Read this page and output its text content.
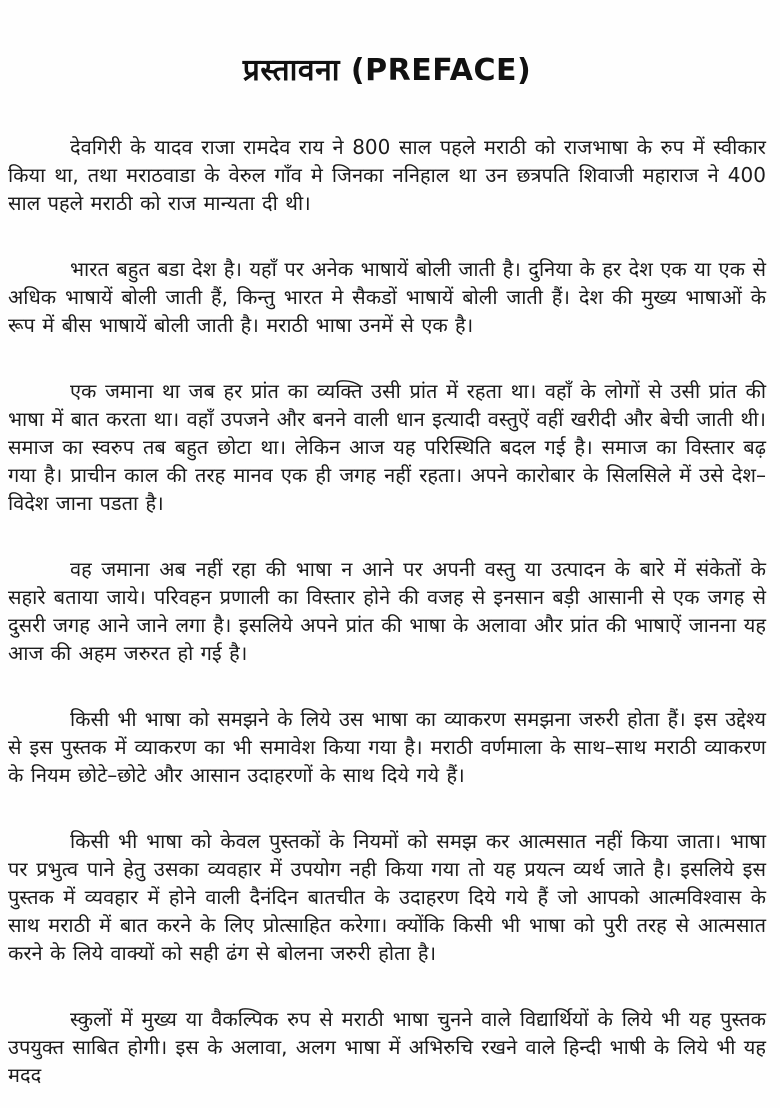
प्रस्तावना (PREFACE)

देवगिरी के यादव राजा रामदेव राय ने 800 साल पहले मराठी को राजभाषा के रुप में स्वीकार किया था, तथा मराठवाडा के वेरुल गाँव मे जिनका ननिहाल था उन छत्रपति शिवाजी महाराज ने 400 साल पहले मराठी को राज मान्यता दी थी।

भारत बहुत बडा देश है। यहाँ पर अनेक भाषायें बोली जाती है। दुनिया के हर देश एक या एक से अधिक भाषायें बोली जाती हैं, किन्तु भारत मे सैकडों भाषायें बोली जाती हैं। देश की मुख्य भाषाओं के रूप में बीस भाषायें बोली जाती है। मराठी भाषा उनमें से एक है।

एक जमाना था जब हर प्रांत का व्यक्ति उसी प्रांत में रहता था। वहाँ के लोगों से उसी प्रांत की भाषा में बात करता था। वहाँ उपजने और बनने वाली धान इत्यादी वस्तुऐं वहीं खरीदी और बेची जाती थी। समाज का स्वरुप तब बहुत छोटा था। लेकिन आज यह परिस्थिति बदल गई है। समाज का विस्तार बढ़ गया है। प्राचीन काल की तरह मानव एक ही जगह नहीं रहता। अपने कारोबार के सिलसिले में उसे देश–विदेश जाना पडता है।

वह जमाना अब नहीं रहा की भाषा न आने पर अपनी वस्तु या उत्पादन के बारे में संकेतों के सहारे बताया जाये। परिवहन प्रणाली का विस्तार होने की वजह से इनसान बड़ी आसानी से एक जगह से दुसरी जगह आने जाने लगा है। इसलिये अपने प्रांत की भाषा के अलावा और प्रांत की भाषाऐं जानना यह आज की अहम जरुरत हो गई है।

किसी भी भाषा को समझने के लिये उस भाषा का व्याकरण समझना जरुरी होता हैं। इस उद्देश्य से इस पुस्तक में व्याकरण का भी समावेश किया गया है। मराठी वर्णमाला के साथ–साथ मराठी व्याकरण के नियम छोटे–छोटे और आसान उदाहरणों के साथ दिये गये हैं।

किसी भी भाषा को केवल पुस्तकों के नियमों को समझ कर आत्मसात नहीं किया जाता। भाषा पर प्रभुत्व पाने हेतु उसका व्यवहार में उपयोग नही किया गया तो यह प्रयत्न व्यर्थ जाते है। इसलिये इस पुस्तक में व्यवहार में होने वाली दैनंदिन बातचीत के उदाहरण दिये गये हैं जो आपको आत्मविश्वास के साथ मराठी में बात करने के लिए प्रोत्साहित करेगा। क्योंकि किसी भी भाषा को पुरी तरह से आत्मसात करने के लिये वाक्यों को सही ढंग से बोलना जरुरी होता है।

स्कुलों में मुख्य या वैकल्पिक रुप से मराठी भाषा चुनने वाले विद्यार्थियों के लिये भी यह पुस्तक उपयुक्त साबित होगी। इस के अलावा, अलग भाषा में अभिरुचि रखने वाले हिन्दी भाषी के लिये भी यह मदद
